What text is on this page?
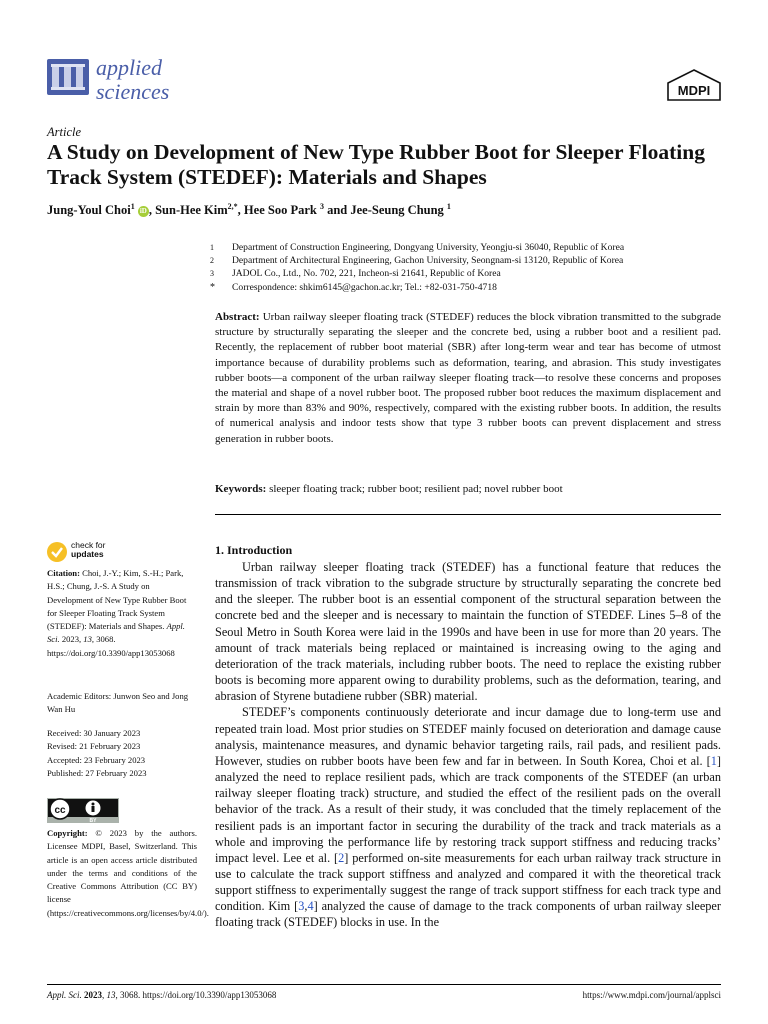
applied
sciences	MDPI
Article
A Study on Development of New Type Rubber Boot for Sleeper Floating Track System (STEDEF): Materials and Shapes
Jung-Youl Choi$^1$ iD , Sun-Hee Kim$^{2,*}$, Hee Soo Park $^3$ and Jee-Seung Chung $^1$
1	Department of Construction Engineering, Dongyang University, Yeongju-si 36040, Republic of Korea
2	Department of Architectural Engineering, Gachon University, Seongnam-si 13120, Republic of Korea
3	JADOL Co., Ltd., No. 702, 221, Incheon-si 21641, Republic of Korea
*	Correspondence: shkim6145@gachon.ac.kr; Tel.: +82-031-750-4718
Abstract: Urban railway sleeper floating track (STEDEF) reduces the block vibration transmitted to the subgrade structure by structurally separating the sleeper and the concrete bed, using a rubber boot and a resilient pad. Recently, the replacement of rubber boot material (SBR) after long-term wear and tear has become of utmost importance because of durability problems such as deformation, tearing, and abrasion. This study investigates rubber boots—a component of the urban railway sleeper floating track—to resolve these concerns and proposes the material and shape of a novel rubber boot. The proposed rubber boot reduces the maximum displacement and strain by more than 83% and 90%, respectively, compared with the existing rubber boots. In addition, the results of numerical analysis and indoor tests show that type 3 rubber boots can prevent displacement and stress generation in rubber boots.
Keywords: sleeper floating track; rubber boot; resilient pad; novel rubber boot
check for
updates
Citation: Choi, J.-Y.; Kim, S.-H.; Park, H.S.; Chung, J.-S. A Study on Development of New Type Rubber Boot for Sleeper Floating Track System (STEDEF): Materials and Shapes. Appl. Sci. 2023, 13, 3068. https://doi.org/10.3390/app13053068
Academic Editors: Junwon Seo and Jong Wan Hu
Received: 30 January 2023
Revised: 21 February 2023
Accepted: 23 February 2023
Published: 27 February 2023
cc
BY
Copyright: © 2023 by the authors. Licensee MDPI, Basel, Switzerland. This article is an open access article distributed under the terms and conditions of the Creative Commons Attribution (CC BY) license (https://creativecommons.org/licenses/by/4.0/).
1. Introduction

Urban railway sleeper floating track (STEDEF) has a functional feature that reduces the transmission of track vibration to the subgrade structure by structurally separating the concrete bed and the sleeper. The rubber boot is an essential component of the structural separation between the concrete bed and the sleeper and is necessary to maintain the function of STEDEF. Lines 5–8 of the Seoul Metro in South Korea were laid in the 1990s and have been in use for more than 20 years. The amount of track materials being replaced or maintained is increasing owing to the aging and deterioration of the track materials, including rubber boots. The need to replace the existing rubber boots is becoming more apparent owing to durability problems, such as the deformation, tearing, and abrasion of Styrene butadiene rubber (SBR) material.

STEDEF’s components continuously deteriorate and incur damage due to long-term use and repeated train load. Most prior studies on STEDEF mainly focused on deterioration and damage cause analysis, maintenance measures, and dynamic behavior targeting rails, rail pads, and resilient pads. However, studies on rubber boots have been few and far in between. In South Korea, Choi et al. [1] analyzed the need to replace resilient pads, which are track components of the STEDEF (an urban railway sleeper floating track) structure, and studied the effect of the resilient pads on the overall behavior of the track. As a result of their study, it was concluded that the timely replacement of the resilient pads is an important factor in securing the durability of the track and track materials as a whole and improving the performance life by restoring track support stiffness and reducing tracks’ impact level. Lee et al. [2] performed on-site measurements for each urban railway track structure in use to calculate the track support stiffness and analyzed and compared it with the theoretical track support stiffness to experimentally suggest the range of track support stiffness for each track type and condition. Kim [3,4] analyzed the cause of damage to the track components of urban railway sleeper floating track (STEDEF) blocks in use. In the

Appl. Sci. 2023, 13, 3068. https://doi.org/10.3390/app13053068	https://www.mdpi.com/journal/applsci
